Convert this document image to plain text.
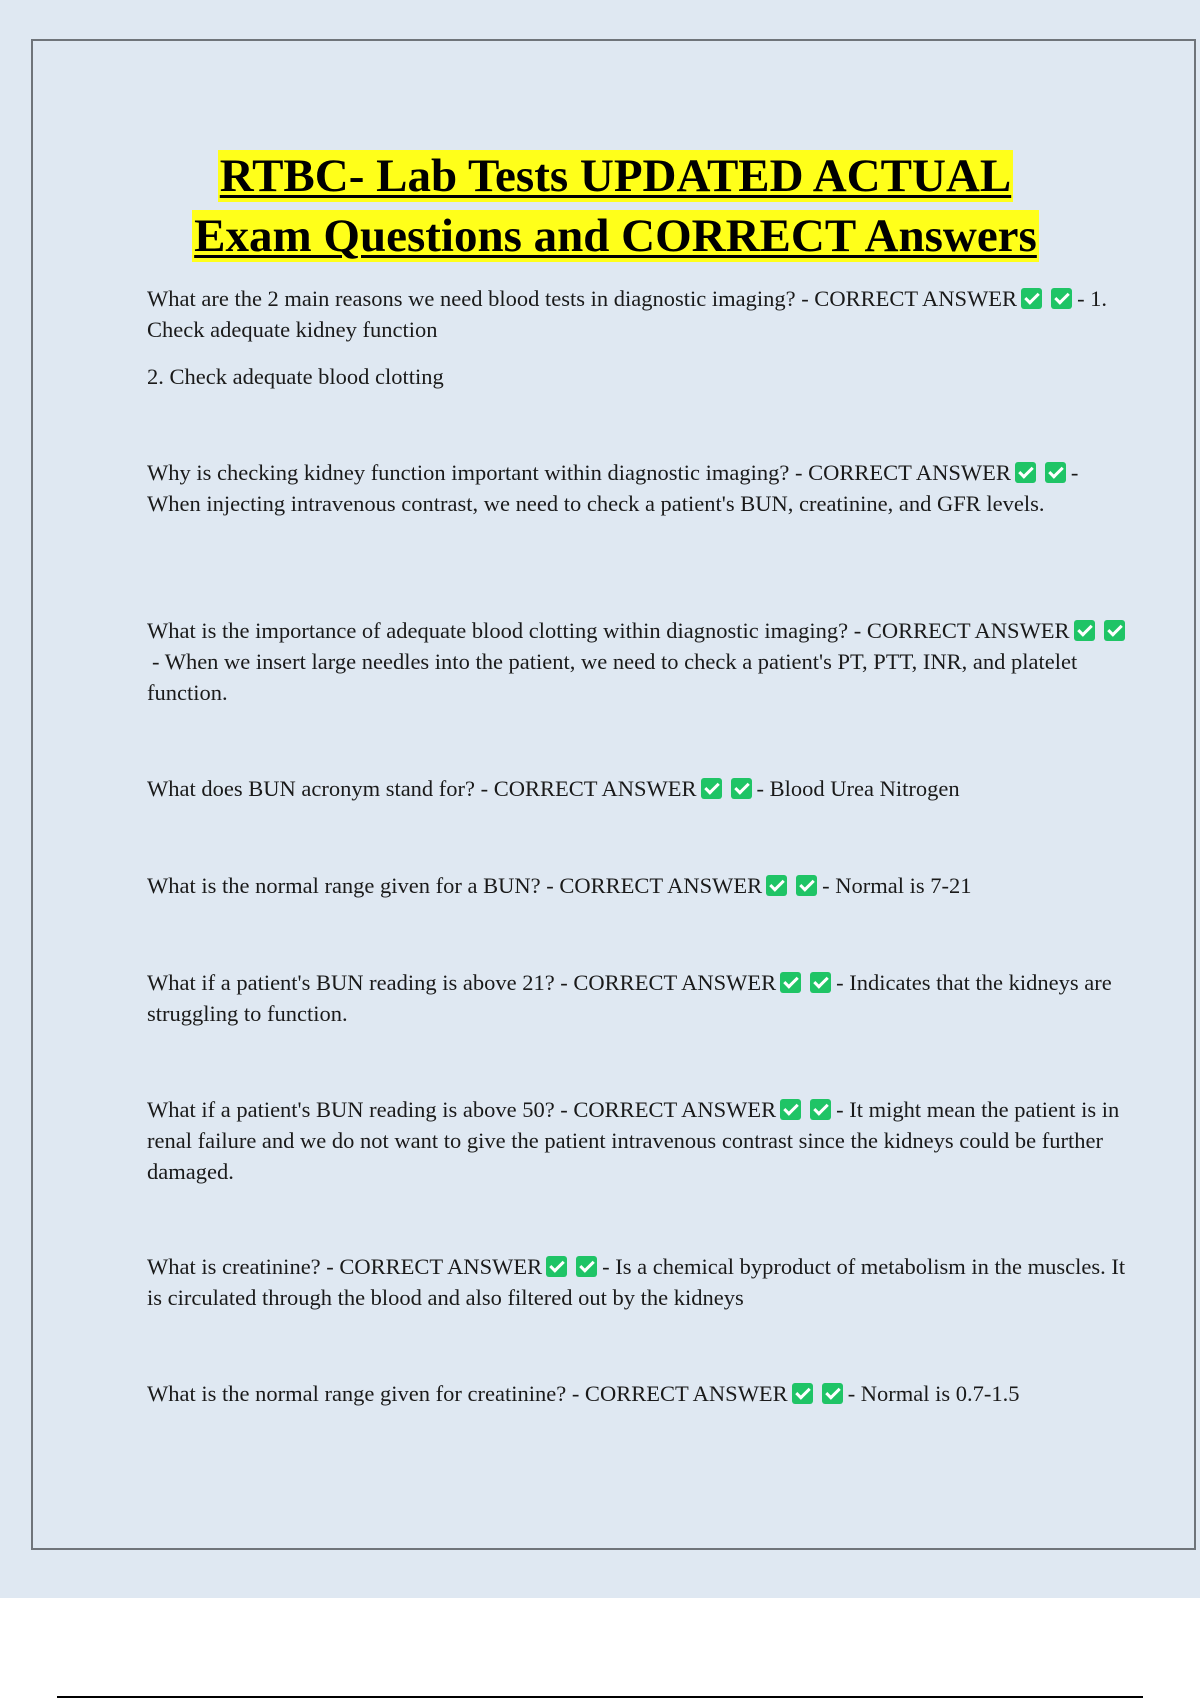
RTBC- Lab Tests UPDATED ACTUAL
Exam Questions and CORRECT Answers

What are the 2 main reasons we need blood tests in diagnostic imaging? - CORRECT ANSWER	- 1. Check adequate kidney function

2. Check adequate blood clotting

Why is checking kidney function important within diagnostic imaging? - CORRECT ANSWER	- When injecting intravenous contrast, we need to check a patient's BUN, creatinine, and GFR levels.

What is the importance of adequate blood clotting within diagnostic imaging? - CORRECT ANSWER- When we insert large needles into the patient, we need to check a patient's PT, PTT, INR, and platelet function.

What does BUN acronym stand for? - CORRECT ANSWER	- Blood Urea Nitrogen

What is the normal range given for a BUN? - CORRECT ANSWER	- Normal is 7-21

What if a patient's BUN reading is above 21? - CORRECT ANSWER	- Indicates that the kidneys are struggling to function.

What if a patient's BUN reading is above 50? - CORRECT ANSWER	- It might mean the patient is in renal failure and we do not want to give the patient intravenous contrast since the kidneys could be further damaged.

What is creatinine? - CORRECT ANSWER	- Is a chemical byproduct of metabolism in the muscles. It is circulated through the blood and also filtered out by the kidneys

What is the normal range given for creatinine? - CORRECT ANSWER	- Normal is 0.7-1.5
